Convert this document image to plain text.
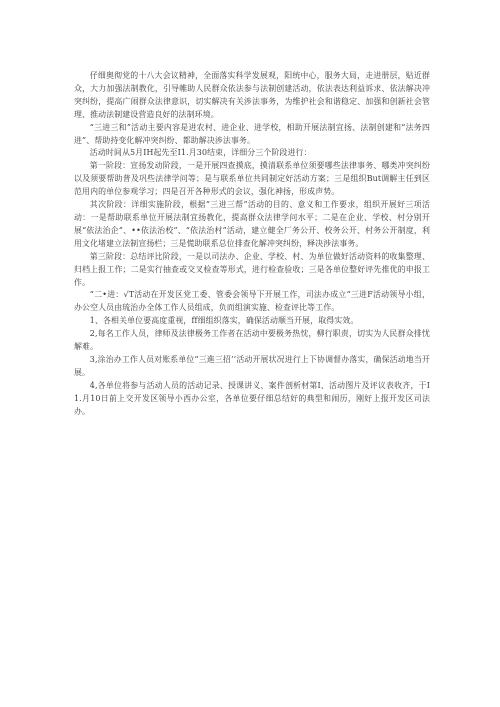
仔细奥彻党的十八大会议精神，全面落实科学发展观，阳统中心，服务大局，走进册层，贴近群众，大力加强法制教化，引导帷助人民群众依法参与法制创建活动，依法表达利益诉求、依法解决冲突纠纷，提高广闹群众法律意识，切实解决有关涉法事务，为维护社会和谐稳定、加强和创新社会管理、推动法制建设营造良好的法制环境。

“三进三和”活动主要内容是进农村、进企业、进学校，相助开展法制宜扬、法制创建和“法务四进”、帮助持变化解冲突纠纷、都助解决涉法事务。

活动时间从5月IH起先至I1.月30结束，详细分三个阶段进行：

第一阶段：宣扬发动阶段，一是开展四查摸底，摸清联系单位须要哪些法律事务、哪类冲突纠纷以及须要帮助普及巩些法律学问等；是与联系单位共同制定好活动方案；三是组织But调解主任到区范用内的单位参观学习；四是召开各种形式的会议，强化神扬，形成声势。

其次阶段：详细实施阶段，根据“三进三帮”活动的目的、意义和工作要求，组织开展好三项活动：一是帮助联系单位开展法制宜扬教化，提高群众法律学问水平；二是在企业、学校、村分别开展“依法治企”、••依法治校”、“依法治村”活动，建立健全厂务公开、校务公开、村务公开制度，利用文化堵建立法制宣扬栏；三是慌助联系总位排查化解冲突纠纷，释决涉法事务。

第三阶段：总结评比阶段，一是以司法办、企业、学校、村、为单位做好活动资料的收集整理、归档上报工作；二是实行抽查或交叉检查等形式，进行检查验收；三是各单位整好评先推优的申报工作。

“二•进：√T活动在开发区党工委、管委会领导下开展工作，司法办成立“三进F活动领导小组，办公空人员由琉治办全体工作人员组成，负而组演实施、检查评比等工作。

1、各相关单位要高度重视，ff细组织落实，确保活动顺当开展，取得实效。

2,每名工作人员，律师及法律极务工作者在活动中要极务热忱，柳行职责，切实为人民群众排忧解难。

3,涂治办工作人员对账系单位“三進三招’’活动开展状况进行上下协调督办落实，确保活动地当开展。

4,各单位将参与活动人员的活动记录、授课讲义、案件剖析材第I、活动图片及评议表收齐，于I1.月10日前上交开发区领导小西办公室，各单位要仔细总结好的典型和闹历，刚好上报开发区司法办。
